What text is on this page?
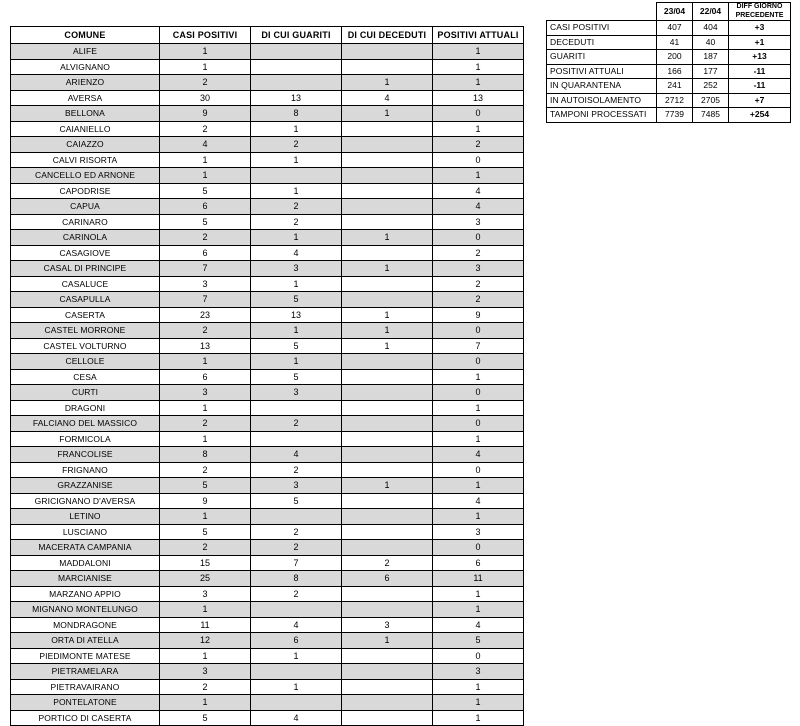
	23/04	22/04	DIFF GIORNO PRECEDENTE
CASI POSITIVI	407	404	+3
DECEDUTI	41	40	+1
GUARITI	200	187	+13
POSITIVI ATTUALI	166	177	-11
IN QUARANTENA	241	252	-11
IN AUTOISOLAMENTO	2712	2705	+7
TAMPONI PROCESSATI	7739	7485	+254
COMUNE	CASI POSITIVI	DI CUI GUARITI	DI CUI DECEDUTI	POSITIVI ATTUALI
ALIFE	1			1
ALVIGNANO	1			1
ARIENZO	2		1	1
AVERSA	30	13	4	13
BELLONA	9	8	1	0
CAIANIELLO	2	1		1
CAIAZZO	4	2		2
CALVI RISORTA	1	1		0
CANCELLO ED ARNONE	1			1
CAPODRISE	5	1		4
CAPUA	6	2		4
CARINARO	5	2		3
CARINOLA	2	1	1	0
CASAGIOVE	6	4		2
CASAL DI PRINCIPE	7	3	1	3
CASALUCE	3	1		2
CASAPULLA	7	5		2
CASERTA	23	13	1	9
CASTEL MORRONE	2	1	1	0
CASTEL VOLTURNO	13	5	1	7
CELLOLE	1	1		0
CESA	6	5		1
CURTI	3	3		0
DRAGONI	1			1
FALCIANO DEL MASSICO	2	2		0
FORMICOLA	1			1
FRANCOLISE	8	4		4
FRIGNANO	2	2		0
GRAZZANISE	5	3	1	1
GRICIGNANO D'AVERSA	9	5		4
LETINO	1			1
LUSCIANO	5	2		3
MACERATA CAMPANIA	2	2		0
MADDALONI	15	7	2	6
MARCIANISE	25	8	6	11
MARZANO APPIO	3	2		1
MIGNANO MONTELUNGO	1			1
MONDRAGONE	11	4	3	4
ORTA DI ATELLA	12	6	1	5
PIEDIMONTE MATESE	1	1		0
PIETRAMELARA	3			3
PIETRAVAIRANO	2	1		1
PONTELATONE	1			1
PORTICO DI CASERTA	5	4		1
